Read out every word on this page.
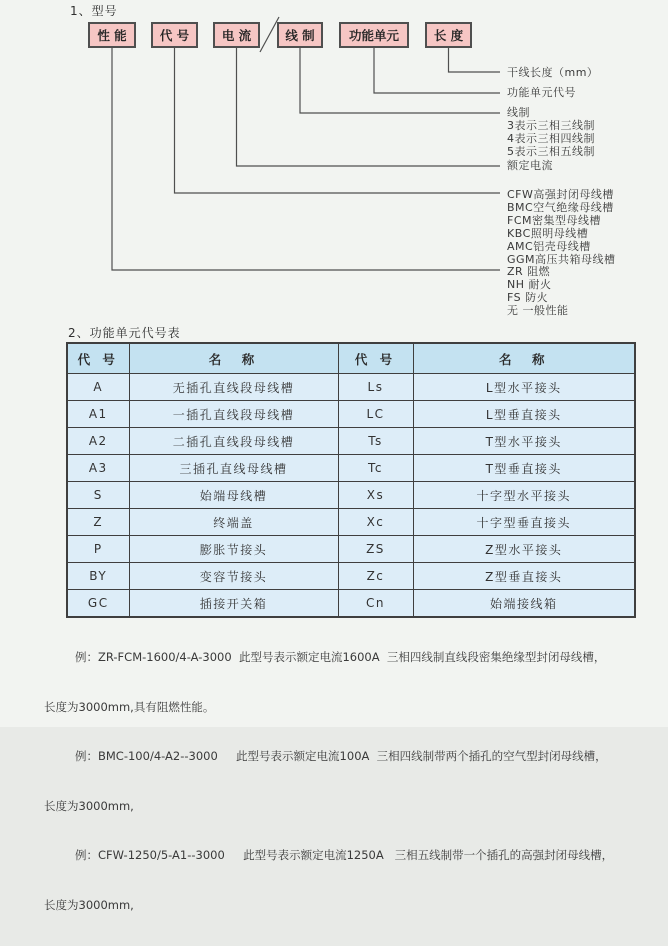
1、型号
性 能	代 号	电 流	线 制	功能单元	长 度
干线长度（mm）
功能单元代号
线制
3表示三相三线制
4表示三相四线制
5表示三相五线制
额定电流
CFW高强封闭母线槽
BMC空气绝缘母线槽
FCM密集型母线槽
KBC照明母线槽
AMC铝壳母线槽
GGM高压共箱母线槽
ZR 阻燃
NH 耐火
FS 防火
无 一般性能
2、功能单元代号表
代 号	名　称	代 号	名　称
A	无插孔直线段母线槽	Ls	L型水平接头
A1	一插孔直线段母线槽	LC	L型垂直接头
A2	二插孔直线段母线槽	Ts	T型水平接头
A3	三插孔直线母线槽	Tc	T型垂直接头
S	始端母线槽	Xs	十字型水平接头
Z	终端盖	Xc	十字型垂直接头
P	膨胀节接头	ZS	Z型水平接头
BY	变容节接头	Zc	Z型垂直接头
GC	插接开关箱	Cn	始端接线箱

例：ZR-FCM-1600/4-A-3000  此型号表示额定电流1600A  三相四线制直线段密集绝缘型封闭母线槽，

长度为3000mm,具有阻燃性能。

例：BMC-100/4-A2--3000     此型号表示额定电流100A  三相四线制带两个插孔的空气型封闭母线槽，

长度为3000mm,

例：CFW-1250/5-A1--3000     此型号表示额定电流1250A   三相五线制带一个插孔的高强封闭母线槽，

长度为3000mm,
